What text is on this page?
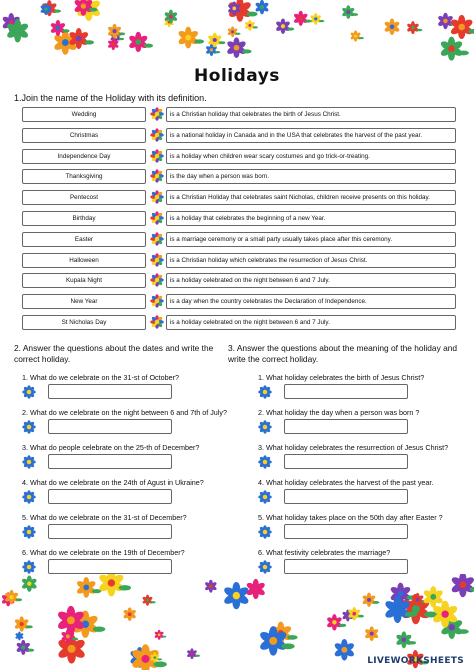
Holidays
1.Join the name of the Holiday with its definition.
Wedding
Christmas
Independence Day
Thanksgiving
Pentecost
Birthday
Easter
Halloween
Kupala Night
New Year
St Nicholas Day
is a Christian holiday that celebrates the birth of Jesus Christ.
is a national holiday in Canada and in the USA that celebrates the harvest of the past year.
is a holiday when children wear scary costumes and go trick-or-treating.
is the day when a person was born.
is a Christian Holiday that celebrates saint Nicholas, children receive presents on this holiday.
is a holiday that celebrates the beginning of a new Year.
is a marriage ceremony or a small party usually takes place after this ceremony.
is a Christian holiday which celebrates the resurrection of Jesus Christ.
is a holiday celebrated on the night between 6 and 7 July.
is a day when the country celebrates the Declaration of Independence.
is a holiday celebrated on the night between 6 and 7 July.
2. Answer the questions about the dates and write the correct holiday.
3. Answer the questions about the meaning of the holiday and write the correct holiday.
1. What do we celebrate on the 31-st of October?
2. What do we celebrate on the night between 6 and 7th of July?
3. What do people celebrate on the 25-th of December?
4. What do we celebrate on the 24th of Agust in Ukraine?
5. What do we celebrate on the 31-st of December?
6. What do we celebrate on the 19th of December?
1. What holiday celebrates the birth of Jesus Christ?
2. What holiday the day when a person was born ?
3. What holiday celebrates the resurrection of Jesus Christ?
4. What holiday celebrates the harvest of the past year.
5. What holiday takes place on the 50th day after Easter ?
6. What festivity celebrates the marriage?
LIVEWORKSHEETS
